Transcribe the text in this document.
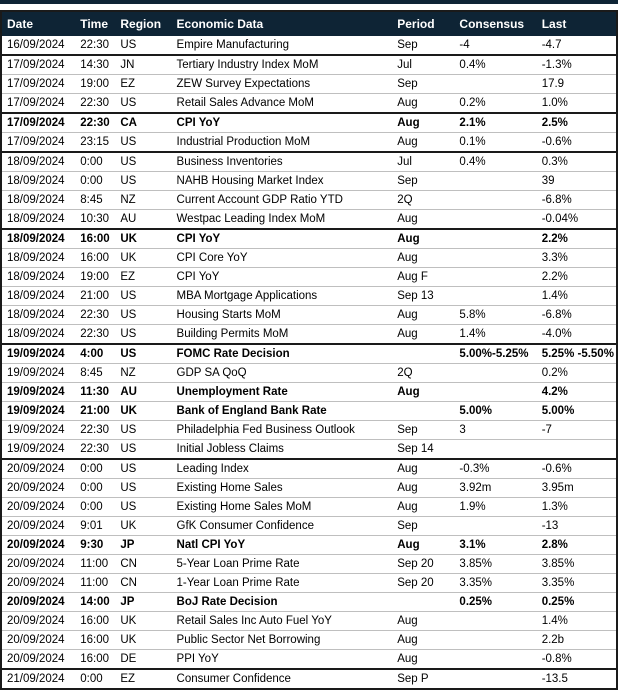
Date	Time	Region	Economic Data	Period	Consensus	Last
16/09/2024	22:30	US	Empire Manufacturing	Sep	-4	-4.7
17/09/2024	14:30	JN	Tertiary Industry Index MoM	Jul	0.4%	-1.3%
17/09/2024	19:00	EZ	ZEW Survey Expectations	Sep		17.9
17/09/2024	22:30	US	Retail Sales Advance MoM	Aug	0.2%	1.0%
17/09/2024	22:30	CA	CPI YoY	Aug	2.1%	2.5%
17/09/2024	23:15	US	Industrial Production MoM	Aug	0.1%	-0.6%
18/09/2024	0:00	US	Business Inventories	Jul	0.4%	0.3%
18/09/2024	0:00	US	NAHB Housing Market Index	Sep		39
18/09/2024	8:45	NZ	Current Account GDP Ratio YTD	2Q		-6.8%
18/09/2024	10:30	AU	Westpac Leading Index MoM	Aug		-0.04%
18/09/2024	16:00	UK	CPI YoY	Aug		2.2%
18/09/2024	16:00	UK	CPI Core YoY	Aug		3.3%
18/09/2024	19:00	EZ	CPI YoY	Aug F		2.2%
18/09/2024	21:00	US	MBA Mortgage Applications	Sep 13		1.4%
18/09/2024	22:30	US	Housing Starts MoM	Aug	5.8%	-6.8%
18/09/2024	22:30	US	Building Permits MoM	Aug	1.4%	-4.0%
19/09/2024	4:00	US	FOMC Rate Decision		5.00%-5.25%	5.25% -5.50%
19/09/2024	8:45	NZ	GDP SA QoQ	2Q		0.2%
19/09/2024	11:30	AU	Unemployment Rate	Aug		4.2%
19/09/2024	21:00	UK	Bank of England Bank Rate		5.00%	5.00%
19/09/2024	22:30	US	Philadelphia Fed Business Outlook	Sep	3	-7
19/09/2024	22:30	US	Initial Jobless Claims	Sep 14		
20/09/2024	0:00	US	Leading Index	Aug	-0.3%	-0.6%
20/09/2024	0:00	US	Existing Home Sales	Aug	3.92m	3.95m
20/09/2024	0:00	US	Existing Home Sales MoM	Aug	1.9%	1.3%
20/09/2024	9:01	UK	GfK Consumer Confidence	Sep		-13
20/09/2024	9:30	JP	Natl CPI YoY	Aug	3.1%	2.8%
20/09/2024	11:00	CN	5-Year Loan Prime Rate	Sep 20	3.85%	3.85%
20/09/2024	11:00	CN	1-Year Loan Prime Rate	Sep 20	3.35%	3.35%
20/09/2024	14:00	JP	BoJ Rate Decision		0.25%	0.25%
20/09/2024	16:00	UK	Retail Sales Inc Auto Fuel YoY	Aug		1.4%
20/09/2024	16:00	UK	Public Sector Net Borrowing	Aug		2.2b
20/09/2024	16:00	DE	PPI YoY	Aug		-0.8%
21/09/2024	0:00	EZ	Consumer Confidence	Sep P		-13.5
